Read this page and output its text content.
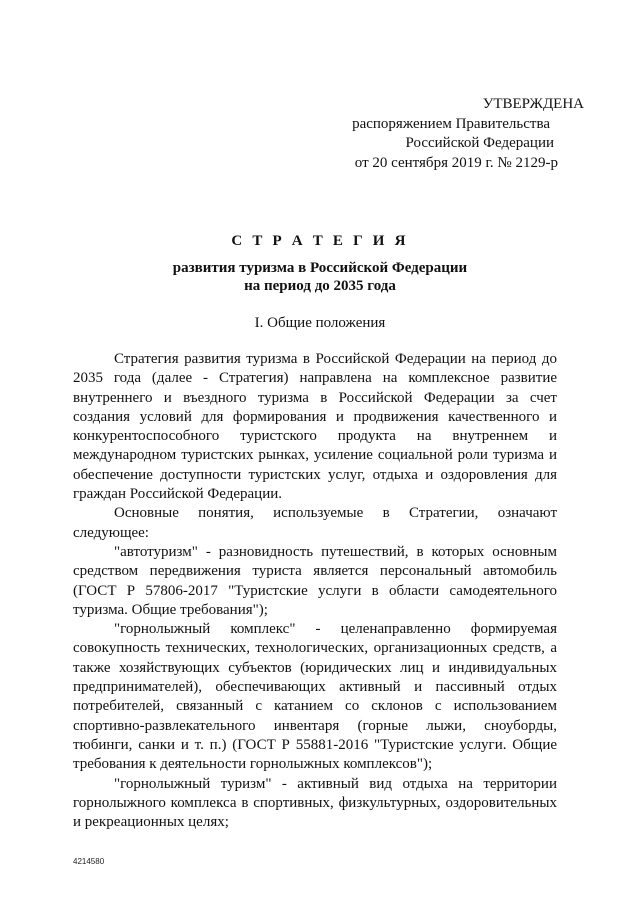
УТВЕРЖДЕНА
распоряжением Правительства
Российской Федерации
от 20 сентября 2019 г. № 2129-р
С Т Р А Т Е Г И Я
развития туризма в Российской Федерации
на период до 2035 года
I. Общие положения

Стратегия развития туризма в Российской Федерации на период до 2035 года (далее - Стратегия) направлена на комплексное развитие внутреннего и въездного туризма в Российской Федерации за счет создания условий для формирования и продвижения качественного и конкурентоспособного туристского продукта на внутреннем и международном туристских рынках, усиление социальной роли туризма и обеспечение доступности туристских услуг, отдыха и оздоровления для граждан Российской Федерации.

Основные понятия, используемые в Стратегии, означают следующее:

"автотуризм" - разновидность путешествий, в которых основным средством передвижения туриста является персональный автомобиль (ГОСТ Р 57806-2017 "Туристские услуги в области самодеятельного туризма. Общие требования");

"горнолыжный комплекс" - целенаправленно формируемая совокупность технических, технологических, организационных средств, а также хозяйствующих субъектов (юридических лиц и индивидуальных предпринимателей), обеспечивающих активный и пассивный отдых потребителей, связанный с катанием со склонов с использованием спортивно-развлекательного инвентаря (горные лыжи, сноуборды, тюбинги, санки и т. п.) (ГОСТ Р 55881-2016 "Туристские услуги. Общие требования к деятельности горнолыжных комплексов");

"горнолыжный туризм" - активный вид отдыха на территории горнолыжного комплекса в спортивных, физкультурных, оздоровительных и рекреационных целях;

4214580
